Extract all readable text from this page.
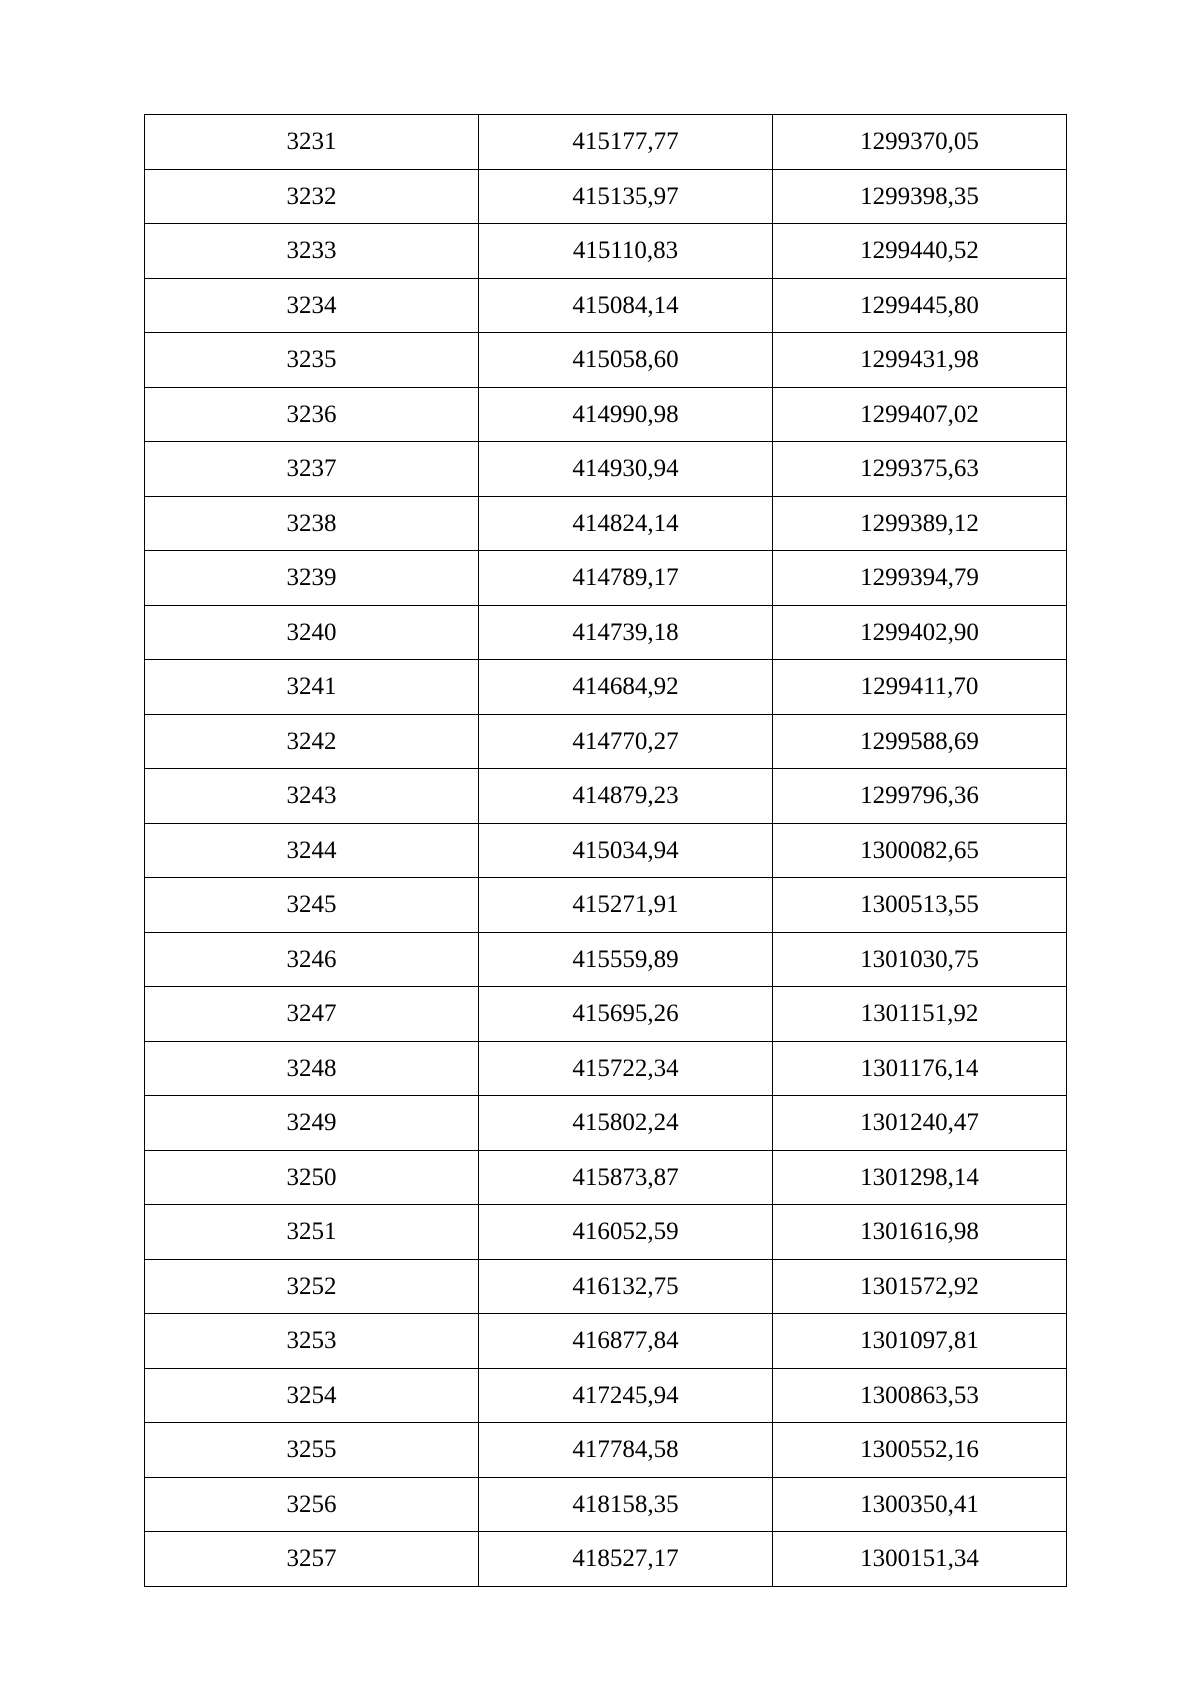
3231	415177,77	1299370,05
3232	415135,97	1299398,35
3233	415110,83	1299440,52
3234	415084,14	1299445,80
3235	415058,60	1299431,98
3236	414990,98	1299407,02
3237	414930,94	1299375,63
3238	414824,14	1299389,12
3239	414789,17	1299394,79
3240	414739,18	1299402,90
3241	414684,92	1299411,70
3242	414770,27	1299588,69
3243	414879,23	1299796,36
3244	415034,94	1300082,65
3245	415271,91	1300513,55
3246	415559,89	1301030,75
3247	415695,26	1301151,92
3248	415722,34	1301176,14
3249	415802,24	1301240,47
3250	415873,87	1301298,14
3251	416052,59	1301616,98
3252	416132,75	1301572,92
3253	416877,84	1301097,81
3254	417245,94	1300863,53
3255	417784,58	1300552,16
3256	418158,35	1300350,41
3257	418527,17	1300151,34
